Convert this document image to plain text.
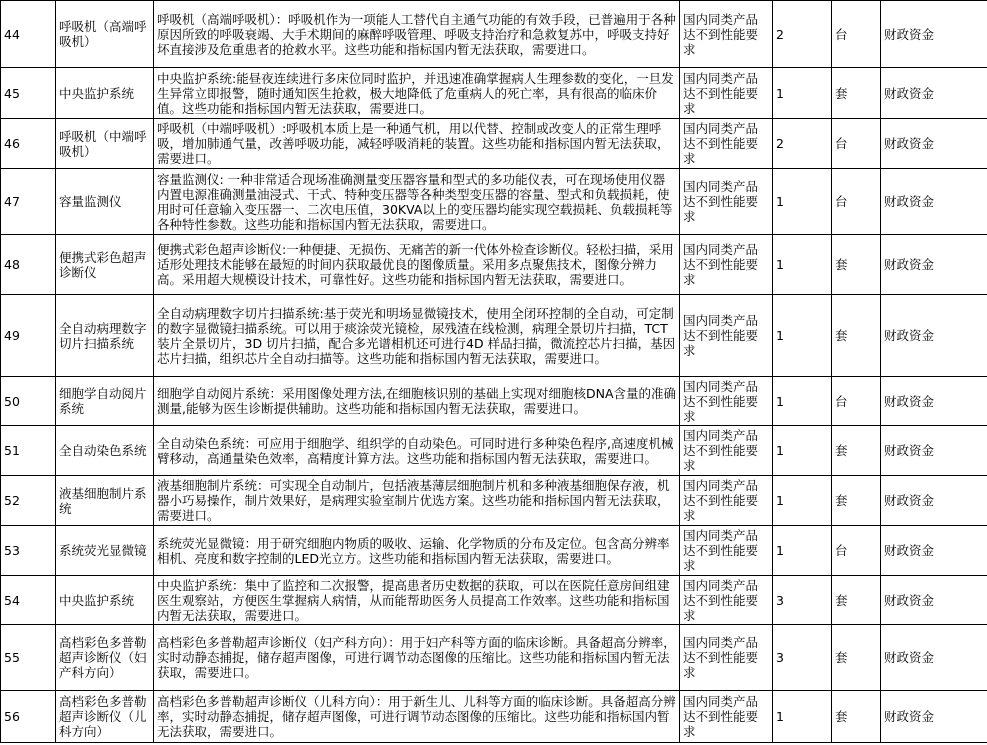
44	呼吸机（高端呼吸机）	呼吸机（高端呼吸机）：呼吸机作为一项能人工替代自主通气功能的有效手段，已普遍用于各种原因所致的呼吸衰竭、大手术期间的麻醉呼吸管理、呼吸支持治疗和急救复苏中，呼吸支持好坏直接涉及危重患者的抢救水平。这些功能和指标国内暂无法获取，需要进口。	国内同类产品达不到性能要求	2	台	财政资金
45	中央监护系统	中央监护系统:能昼夜连续进行多床位同时监护，并迅速准确掌握病人生理参数的变化，一旦发生异常立即报警，随时通知医生抢救，极大地降低了危重病人的死亡率，具有很高的临床价值。这些功能和指标国内暂无法获取，需要进口。	国内同类产品达不到性能要求	1	套	财政资金
46	呼吸机（中端呼吸机）	呼吸机（中端呼吸机）:呼吸机本质上是一种通气机，用以代替、控制或改变人的正常生理呼吸，增加肺通气量，改善呼吸功能，减轻呼吸消耗的装置。这些功能和指标国内暂无法获取，需要进口。	国内同类产品达不到性能要求	2	台	财政资金
47	容量监测仪	容量监测仪: 一种非常适合现场准确测量变压器容量和型式的多功能仪表，可在现场使用仪器内置电源准确测量油浸式、干式、特种变压器等各种类型变压器的容量、型式和负载损耗，使用时可任意输入变压器一、二次电压值，30KVA以上的变压器均能实现空载损耗、负载损耗等各种特性参数。这些功能和指标国内暂无法获取，需要进口。	国内同类产品达不到性能要求	1	台	财政资金
48	便携式彩色超声诊断仪	便携式彩色超声诊断仪:一种便捷、无损伤、无痛苦的新一代体外检查诊断仪。轻松扫描，采用适形处理技术能够在最短的时间内获取最优良的图像质量。采用多点聚焦技术，图像分辨力高。采用超大规模设计技术，可靠性好。这些功能和指标国内暂无法获取，需要进口。	国内同类产品达不到性能要求	1	套	财政资金
49	全自动病理数字切片扫描系统	全自动病理数字切片扫描系统:基于荧光和明场显微镜技术，使用全闭环控制的全自动，可定制的数字显微镜扫描系统。可以用于痰涂荧光镜检，尿残渣在线检测，病理全景切片扫描，TCT 装片全景切片，3D 切片扫描，配合多光谱相机还可进行4D 样品扫描，微流控芯片扫描，基因芯片扫描，组织芯片全自动扫描等。这些功能和指标国内暂无法获取，需要进口。	国内同类产品达不到性能要求	1	套	财政资金
50	细胞学自动阅片系统	细胞学自动阅片系统：采用图像处理方法,在细胞核识别的基础上实现对细胞核DNA含量的准确测量,能够为医生诊断提供辅助。这些功能和指标国内暂无法获取，需要进口。	国内同类产品达不到性能要求	1	台	财政资金
51	全自动染色系统	全自动染色系统：可应用于细胞学、组织学的自动染色。可同时进行多种染色程序,高速度机械臂移动，高通量染色效率，高精度计算方法。这些功能和指标国内暂无法获取，需要进口。	国内同类产品达不到性能要求	1	套	财政资金
52	液基细胞制片系统	液基细胞制片系统：可实现全自动制片，包括液基薄层细胞制片机和多种液基细胞保存液，机器小巧易操作，制片效果好，是病理实验室制片优选方案。这些功能和指标国内暂无法获取，需要进口。	国内同类产品达不到性能要求	1	套	财政资金
53	系统荧光显微镜	系统荧光显微镜：用于研究细胞内物质的吸收、运输、化学物质的分布及定位。包含高分辨率相机、亮度和数字控制的LED光立方。这些功能和指标国内暂无法获取，需要进口。	国内同类产品达不到性能要求	1	台	财政资金
54	中央监护系统	中央监护系统：集中了监控和二次报警，提高患者历史数据的获取，可以在医院任意房间组建医生观察站，方便医生掌握病人病情，从而能帮助医务人员提高工作效率。这些功能和指标国内暂无法获取，需要进口。	国内同类产品达不到性能要求	3	套	财政资金
55	高档彩色多普勒超声诊断仪（妇产科方向）	高档彩色多普勒超声诊断仪（妇产科方向）：用于妇产科等方面的临床诊断。具备超高分辨率，实时动静态捕捉，储存超声图像，可进行调节动态图像的压缩比。这些功能和指标国内暂无法获取，需要进口。	国内同类产品达不到性能要求	3	套	财政资金
56	高档彩色多普勒超声诊断仪（儿科方向）	高档彩色多普勒超声诊断仪（儿科方向）：用于新生儿、儿科等方面的临床诊断。具备超高分辨率，实时动静态捕捉，储存超声图像，可进行调节动态图像的压缩比。这些功能和指标国内暂无法获取，需要进口。	国内同类产品达不到性能要求	1	套	财政资金
